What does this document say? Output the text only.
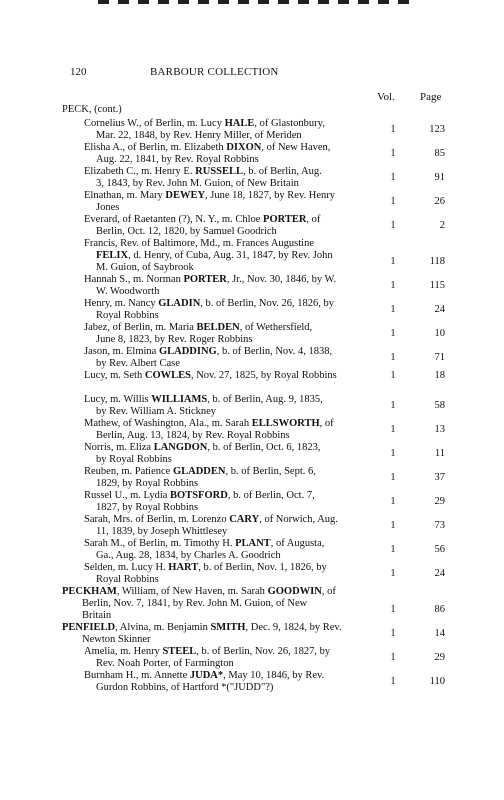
120	BARBOUR COLLECTION
Vol. Page
PECK, (cont.)
Cornelius W., of Berlin, m. Lucy HALE, of Glastonbury,
Mar. 22, 1848, by Rev. Henry Miller, of Meriden
1	123
Elisha A., of Berlin, m. Elizabeth DIXON, of New Haven,
Aug. 22, 1841, by Rev. Royal Robbins
1	85
Elizabeth C., m. Henry E. RUSSELL, b. of Berlin, Aug.
3, 1843, by Rev. John M. Guion, of New Britain
1	91
Elnathan, m. Mary DEWEY, June 18, 1827, by Rev. Henry
Jones
1	26
Everard, of Raetanten (?), N. Y., m. Chloe PORTER, of
Berlin, Oct. 12, 1820, by Samuel Goodrich
1	2
Francis, Rev. of Baltimore, Md., m. Frances Augustine
FELIX, d. Henry, of Cuba, Aug. 31, 1847, by Rev. John
M. Guion, of Saybrook
1	118
Hannah S., m. Norman PORTER, Jr., Nov. 30, 1846, by W.
W. Woodworth
1	115
Henry, m. Nancy GLADIN, b. of Berlin, Nov. 26, 1826, by
Royal Robbins
1	24
Jabez, of Berlin, m. Maria BELDEN, of Wethersfield,
June 8, 1823, by Rev. Roger Robbins
1	10
Jason, m. Elmina GLADDING, b. of Berlin, Nov. 4, 1838,
by Rev. Albert Case
1	71
Lucy, m. Seth COWLES, Nov. 27, 1825, by Royal Robbins	1	18
Lucy, m. Willis WILLIAMS, b. of Berlin, Aug. 9, 1835,
by Rev. William A. Stickney
1	58
Mathew, of Washington, Ala., m. Sarah ELLSWORTH, of
Berlin, Aug. 13, 1824, by Rev. Royal Robbins
1	13
Norris, m. Eliza LANGDON, b. of Berlin, Oct. 6, 1823,
by Royal Robbins
1	11
Reuben, m. Patience GLADDEN, b. of Berlin, Sept. 6,
1829, by Royal Robbins
1	37
Russel U., m. Lydia BOTSFORD, b. of Berlin, Oct. 7,
1827, by Royal Robbins
1	29
Sarah, Mrs. of Berlin, m. Lorenzo CARY, of Norwich, Aug.
11, 1839, by Joseph Whittlesey
1	73
Sarah M., of Berlin, m. Timothy H. PLANT, of Augusta,
Ga., Aug. 28, 1834, by Charles A. Goodrich
1	56
Selden, m. Lucy H. HART, b. of Berlin, Nov. 1, 1826, by
Royal Robbins
1	24
PECKHAM, William, of New Haven, m. Sarah GOODWIN, of
Berlin, Nov. 7, 1841, by Rev. John M. Guion, of New
Britain
1	86
PENFIELD, Alvina, m. Benjamin SMITH, Dec. 9, 1824, by Rev.
Newton Skinner
1	14
Amelia, m. Henry STEEL, b. of Berlin, Nov. 26, 1827, by
Rev. Noah Porter, of Farmington
1	29
Burnham H., m. Annette JUDA*, May 10, 1846, by Rev.
Gurdon Robbins, of Hartford *("JUDD"?)
1	110
